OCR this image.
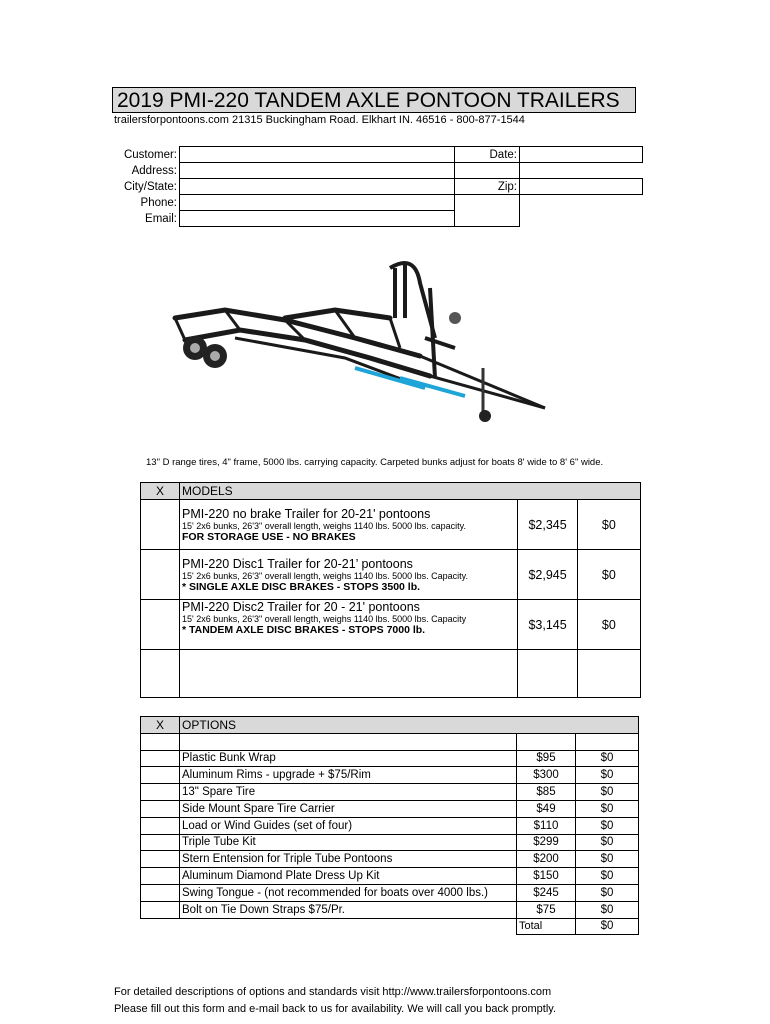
2019 PMI-220 TANDEM AXLE PONTOON TRAILERS
trailersforpontoons.com 21315 Buckingham Road. Elkhart IN. 46516 - 800-877-1544
Customer:		Date:	
Address:			
City/State:		Zip:	
Phone:			
Email:			
13" D range tires, 4" frame, 5000 lbs. carrying capacity. Carpeted bunks adjust for boats 8' wide to 8' 6" wide.
X	MODELS		

	PMI-220 no brake Trailer for 20-21' pontoons
15' 2x6 bunks, 26'3" overall length, weighs 1140 lbs. 5000 lbs. capacity.
FOR STORAGE USE - NO BRAKES	$2,345	$0

	PMI-220 Disc1 Trailer for 20-21’ pontoons
15' 2x6 bunks, 26'3" overall length, weighs 1140 lbs. 5000 lbs. Capacity.
* SINGLE AXLE DISC BRAKES - STOPS 3500 lb.	$2,945	$0

	PMI-220 Disc2 Trailer for 20 - 21' pontoons
15' 2x6 bunks, 26'3" overall length, weighs 1140 lbs. 5000 lbs. Capacity
* TANDEM AXLE DISC BRAKES - STOPS 7000 lb.	$3,145	$0

X	OPTIONS		

	Plastic Bunk Wrap	$95	$0
	Aluminum Rims - upgrade + $75/Rim	$300	$0
	13" Spare Tire	$85	$0
	Side Mount Spare Tire Carrier	$49	$0
	Load or Wind Guides (set of four)	$110	$0
	Triple Tube Kit	$299	$0
	Stern Entension for Triple Tube Pontoons	$200	$0
	Aluminum Diamond Plate Dress Up Kit	$150	$0
	Swing Tongue - (not recommended for boats over 4000 lbs.)	$245	$0
	Bolt on Tie Down Straps $75/Pr.	$75	$0
		Total	$0
For detailed descriptions of options and standards visit http://www.trailersforpontoons.com
Please fill out this form and e-mail back to us for availability. We will call you back promptly.
